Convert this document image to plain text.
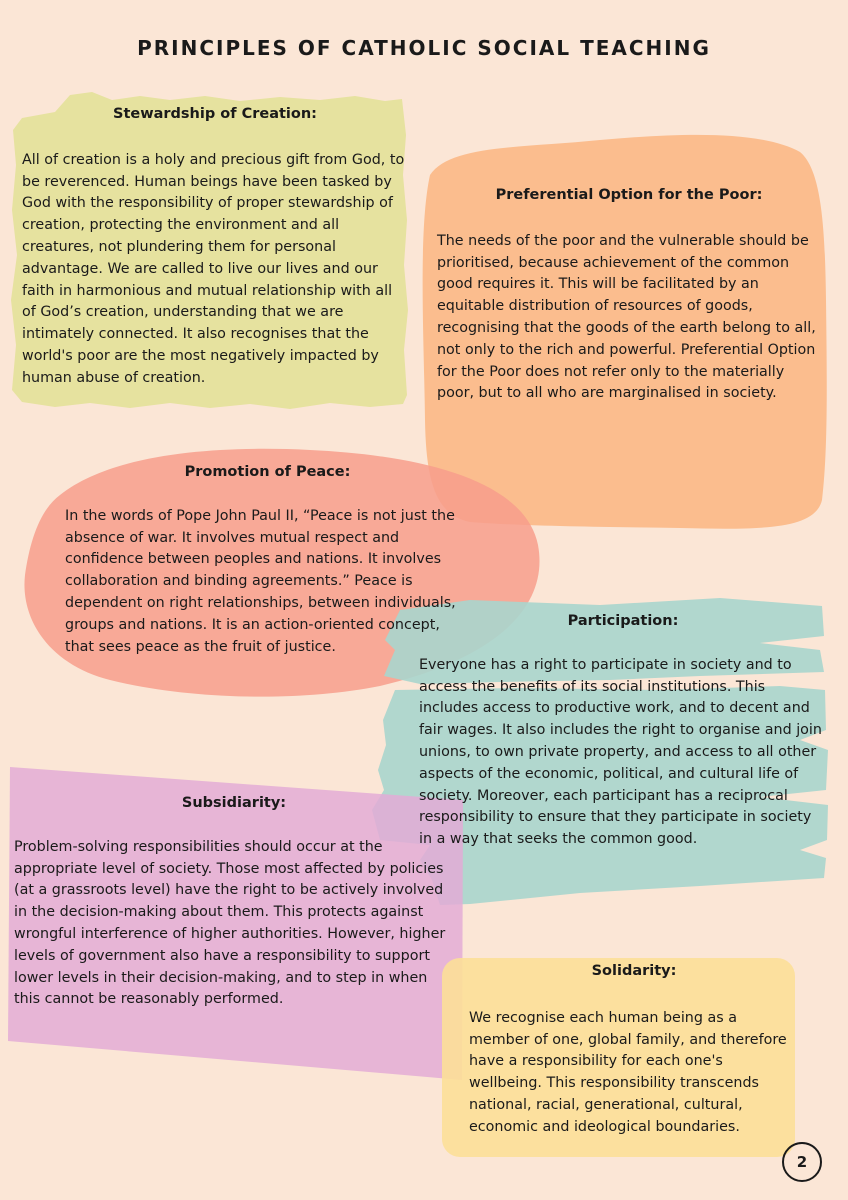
PRINCIPLES OF CATHOLIC SOCIAL TEACHING
Stewardship of Creation:

All of creation is a holy and precious gift from God, to be reverenced. Human beings have been tasked by God with the responsibility of proper stewardship of creation, protecting the environment and all creatures, not plundering them for personal advantage. We are called to live our lives and our faith in harmonious and mutual relationship with all of God’s creation, understanding that we are intimately connected. It also recognises that the world's poor are the most negatively impacted by human abuse of creation.

Preferential Option for the Poor:

The needs of the poor and the vulnerable should be prioritised, because achievement of the common good requires it. This will be facilitated by an equitable distribution of resources of goods, recognising that the goods of the earth belong to all, not only to the rich and powerful. Preferential Option for the Poor does not refer only to the materially poor, but to all who are marginalised in society.

Promotion of Peace:

In the words of Pope John Paul II, “Peace is not just the absence of war. It involves mutual respect and confidence between peoples and nations. It involves collaboration and binding agreements.” Peace is dependent on right relationships, between individuals, groups and nations. It is an action-oriented concept, that sees peace as the fruit of justice.

Participation:

Everyone has a right to participate in society and to access the benefits of its social institutions. This includes access to productive work, and to decent and fair wages. It also includes the right to organise and join unions, to own private property, and access to all other aspects of the economic, political, and cultural life of society. Moreover, each participant has a reciprocal responsibility to ensure that they participate in society in a way that seeks the common good.

Subsidiarity:

Problem-solving responsibilities should occur at the appropriate level of society. Those most affected by policies (at a grassroots level) have the right to be actively involved in the decision-making about them. This protects against wrongful interference of higher authorities. However, higher levels of government also have a responsibility to support lower levels in their decision-making, and to step in when this cannot be reasonably performed.

Solidarity:

We recognise each human being as a member of one, global family, and therefore have a responsibility for each one's wellbeing. This responsibility transcends national, racial, generational, cultural, economic and ideological boundaries.

2
